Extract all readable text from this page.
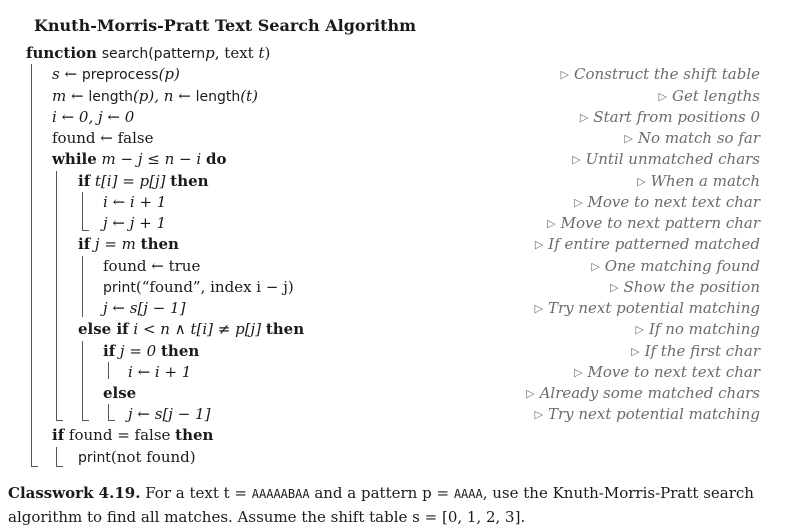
Knuth-Morris-Pratt Text Search Algorithm
function search(patternp, text t)
s ← preprocess(p)
m ← length(p), n ← length(t)
i ← 0, j ← 0
found ← false
while m − j ≤ n − i do
if t[i] = p[j] then
i ← i + 1
j ← j + 1
if j = m then
found ← true
print(“found”, index i − j)
j ← s[j − 1]
else if i < n ∧ t[i] ≠ p[j] then
if j = 0 then
i ← i + 1
else
j ← s[j − 1]
if found = false then
print(not found)
▷ Construct the shift table
▷ Get lengths
▷ Start from positions 0
▷ No match so far
▷ Until unmatched chars
▷ When a match
▷ Move to next text char
▷ Move to next pattern char
▷ If entire patterned matched
▷ One matching found
▷ Show the position
▷ Try next potential matching
▷ If no matching
▷ If the first char
▷ Move to next text char
▷ Already some matched chars
▷ Try next potential matching
Classwork 4.19. For a text t = AAAAABAA and a pattern p = AAAA, use the Knuth-Morris-Pratt search algorithm to find all matches. Assume the shift table s = [0, 1, 2, 3].
